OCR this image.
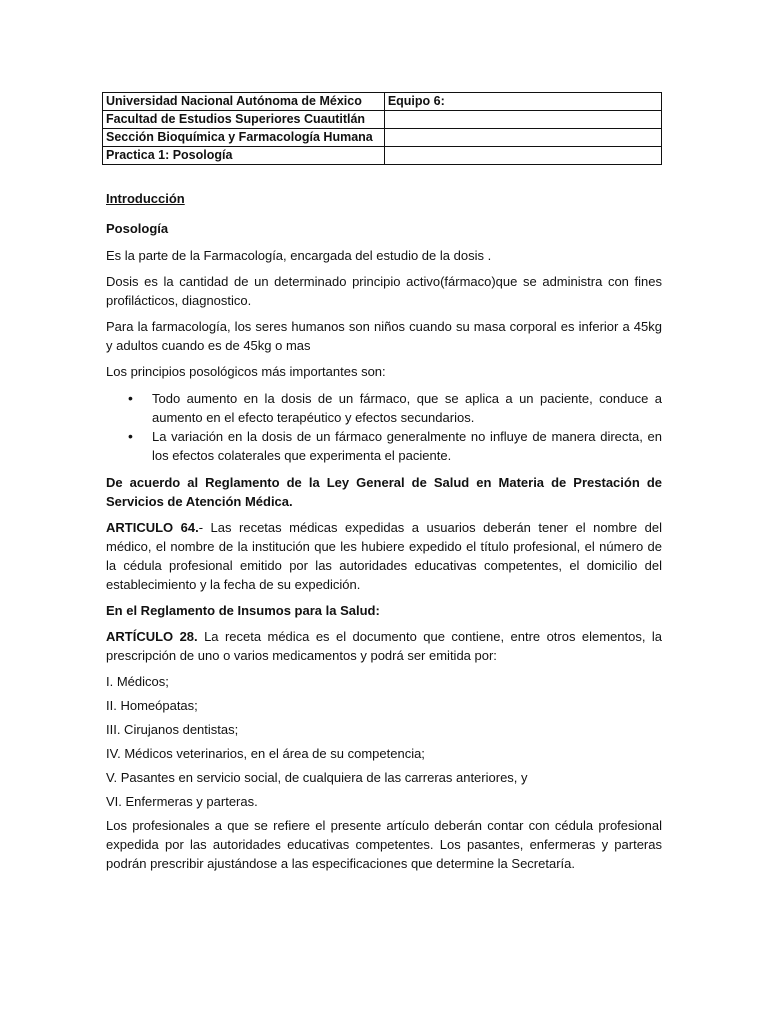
Universidad Nacional Autónoma de México	Equipo 6:
Facultad de Estudios Superiores Cuautitlán	
Sección Bioquímica y Farmacología Humana	
Practica 1: Posología	

Introducción

Posología

Es la parte de la Farmacología, encargada del estudio de la dosis .

Dosis es la cantidad de un determinado principio activo(fármaco)que se administra con fines profilácticos, diagnostico.

Para la farmacología, los seres humanos son niños cuando su masa corporal es inferior a 45kg y adultos cuando es de 45kg o mas

Los principios posológicos más importantes son:

• Todo aumento en la dosis de un fármaco, que se aplica a un paciente, conduce a aumento en el efecto terapéutico y efectos secundarios.
• La variación en la dosis de un fármaco generalmente no influye de manera directa, en los efectos colaterales que experimenta el paciente.

De acuerdo al Reglamento de la Ley General de Salud en Materia de Prestación de Servicios de Atención Médica.

ARTICULO 64.- Las recetas médicas expedidas a usuarios deberán tener el nombre del médico, el nombre de la institución que les hubiere expedido el título profesional, el número de la cédula profesional emitido por las autoridades educativas competentes, el domicilio del establecimiento y la fecha de su expedición.

En el Reglamento de Insumos para la Salud:

ARTÍCULO 28. La receta médica es el documento que contiene, entre otros elementos, la prescripción de uno o varios medicamentos y podrá ser emitida por:

I. Médicos;

II. Homeópatas;

III. Cirujanos dentistas;

IV. Médicos veterinarios, en el área de su competencia;

V. Pasantes en servicio social, de cualquiera de las carreras anteriores, y

VI. Enfermeras y parteras.

Los profesionales a que se refiere el presente artículo deberán contar con cédula profesional expedida por las autoridades educativas competentes. Los pasantes, enfermeras y parteras podrán prescribir ajustándose a las especificaciones que determine la Secretaría.
